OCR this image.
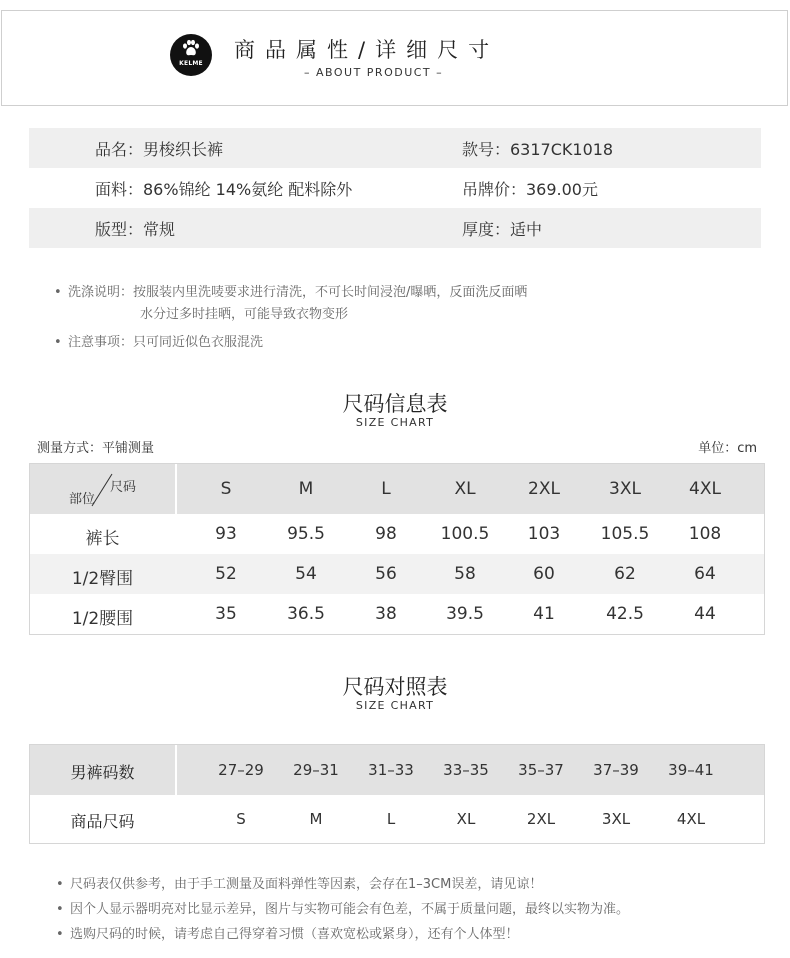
KELME
商品属性/详细尺寸
– ABOUT PRODUCT –
品名：男梭织长裤	款号：6317CK1018
面料：86%锦纶 14%氨纶 配料除外	吊牌价：369.00元
版型：常规	厚度：适中
• 洗涤说明：按服装内里洗唛要求进行清洗，不可长时间浸泡/曝晒，反面洗反面晒
水分过多时挂晒，可能导致衣物变形
• 注意事项：只可同近似色衣服混洗
尺码信息表
SIZE CHART
测量方式：平铺测量	单位：cm
尺码
部位
S	M	L	XL	2XL	3XL	4XL
裤长	93	95.5	98	100.5	103	105.5	108
1/2臀围	52	54	56	58	60	62	64
1/2腰围	35	36.5	38	39.5	41	42.5	44
尺码对照表
SIZE CHART
男裤码数	27–29	29–31	31–33	33–35	35–37	37–39	39–41
商品尺码	S	M	L	XL	2XL	3XL	4XL
• 尺码表仅供参考，由于手工测量及面料弹性等因素，会存在1–3CM误差，请见谅！
• 因个人显示器明亮对比显示差异，图片与实物可能会有色差，不属于质量问题，最终以实物为准。
• 选购尺码的时候，请考虑自己得穿着习惯（喜欢宽松或紧身），还有个人体型！
